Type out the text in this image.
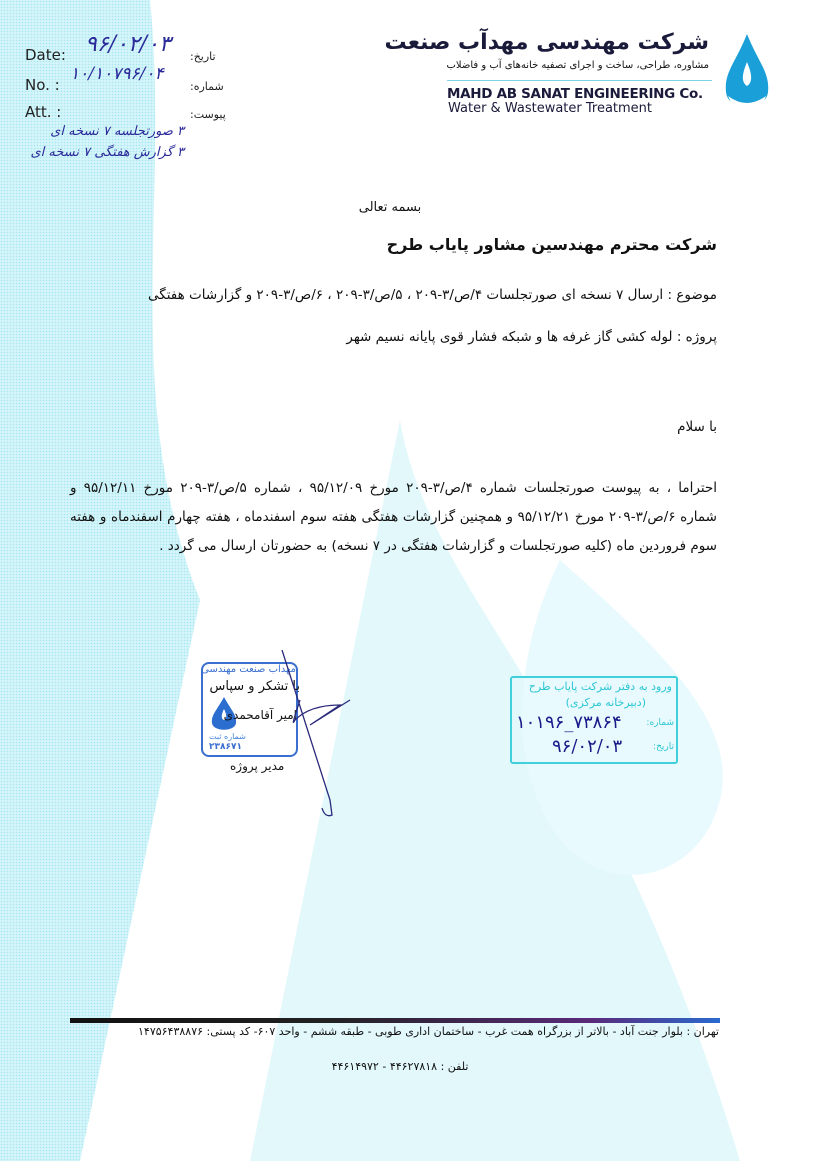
شرکت مهندسی مهدآب صنعت
مشاوره، طراحی، ساخت و اجرای تصفیه خانه‌های آب و فاضلاب
MAHD AB SANAT ENGINEERING Co.
Water & Wastewater Treatment
Date:	تاریخ:
۹۶/۰۲/۰۳
No. :	شماره:
۱۰/۱۰۷۹۶/۰۴
Att. :	پیوست:
۳ صورتجلسه ۷ نسخه ای
۳ گزارش هفتگی ۷ نسخه ای
بسمه تعالی
شرکت محترم مهندسین مشاور پایاب طرح
موضوع : ارسال ۷ نسخه ای صورتجلسات ۴/ص/۳-۲۰۹ ، ۵/ص/۳-۲۰۹ ، ۶/ص/۳-۲۰۹ و گزارشات هفتگی
پروژه : لوله کشی گاز غرفه ها و شبکه فشار قوی پایانه نسیم شهر
با سلام
احتراما ، به پیوست صورتجلسات شماره ۴/ص/۳-۲۰۹ مورخ ۹۵/۱۲/۰۹ ، شماره ۵/ص/۳-۲۰۹ مورخ ۹۵/۱۲/۱۱ و شماره ۶/ص/۳-۲۰۹ مورخ ۹۵/۱۲/۲۱ و همچنین گزارشات هفتگی هفته سوم اسفندماه ، هفته چهارم اسفندماه و هفته سوم فروردین ماه (کلیه صورتجلسات و گزارشات هفتگی در ۷ نسخه) به حضورتان ارسال می گردد .
مهدآب صنعت مهندسی
شماره ثبت
۲۳۸۶۷۱
با تشکر و سپاس
امیر آقامحمدی
مدیر پروژه
ورود به دفتر شرکت پایاب طرح
(دبیرخانه مرکزی)
شماره:
۱۰۱۹۶_۷۳۸۶۴
تاریخ:
۹۶/۰۲/۰۳
تهران : بلوار جنت آباد - بالاتر از بزرگراه همت غرب - ساختمان اداری طوبی - طبقه ششم - واحد ۶۰۷- کد پستی: ۱۴۷۵۶۴۳۸۸۷۶
تلفن : ۴۴۶۲۷۸۱۸ - ۴۴۶۱۴۹۷۲
